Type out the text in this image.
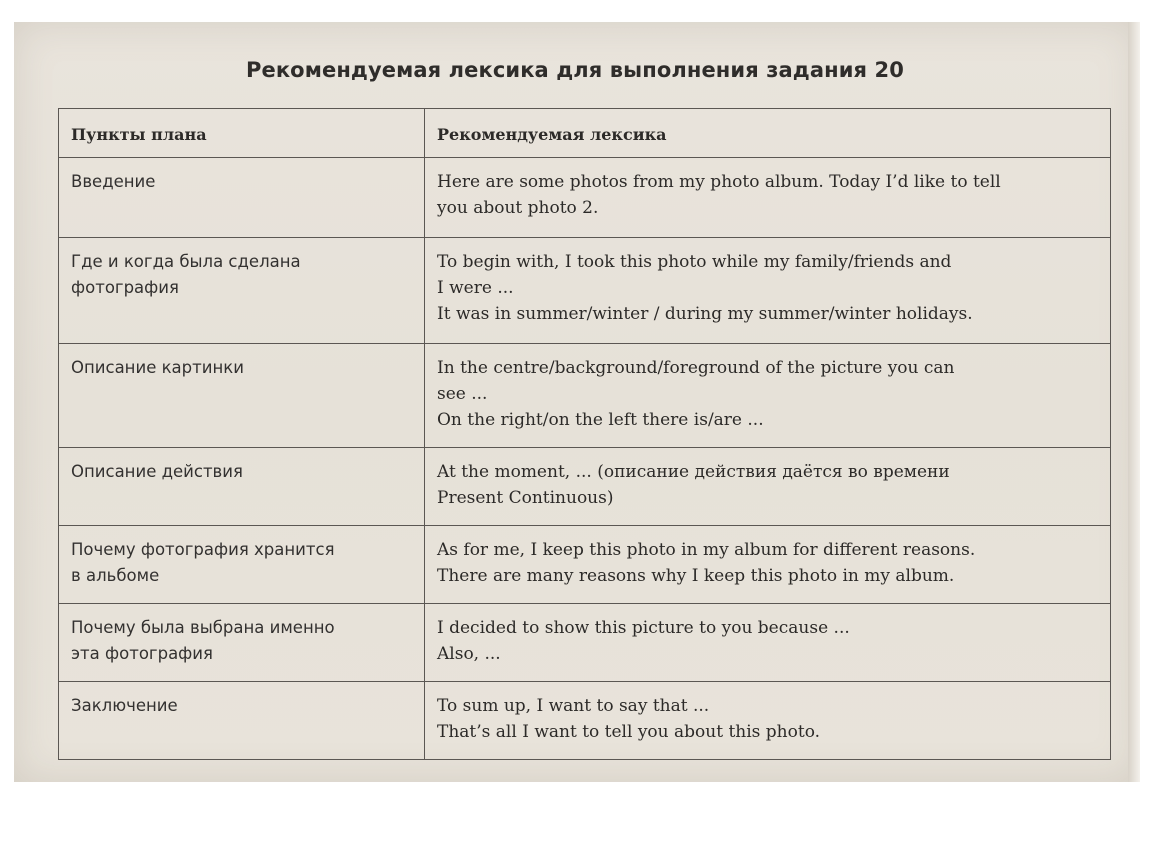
Рекомендуемая лексика для выполнения задания 20
Пункты плана	Рекомендуемая лексика

Введение	Here are some photos from my photo album. Today I’d like to tell
you about photo 2.

Где и когда была сделана
фотография	To begin with, I took this photo while my family/friends and
I were ...
It was in summer/winter / during my summer/winter holidays.

Описание картинки	In the centre/background/foreground of the picture you can
see ...
On the right/on the left there is/are ...

Описание действия	At the moment, ... (описание действия даётся во времени
Present Continuous)

Почему фотография хранится
в альбоме	As for me, I keep this photo in my album for different reasons.
There are many reasons why I keep this photo in my album.

Почему была выбрана именно
эта фотография	I decided to show this picture to you because ...
Also, ...

Заключение	To sum up, I want to say that ...
That’s all I want to tell you about this photo.
